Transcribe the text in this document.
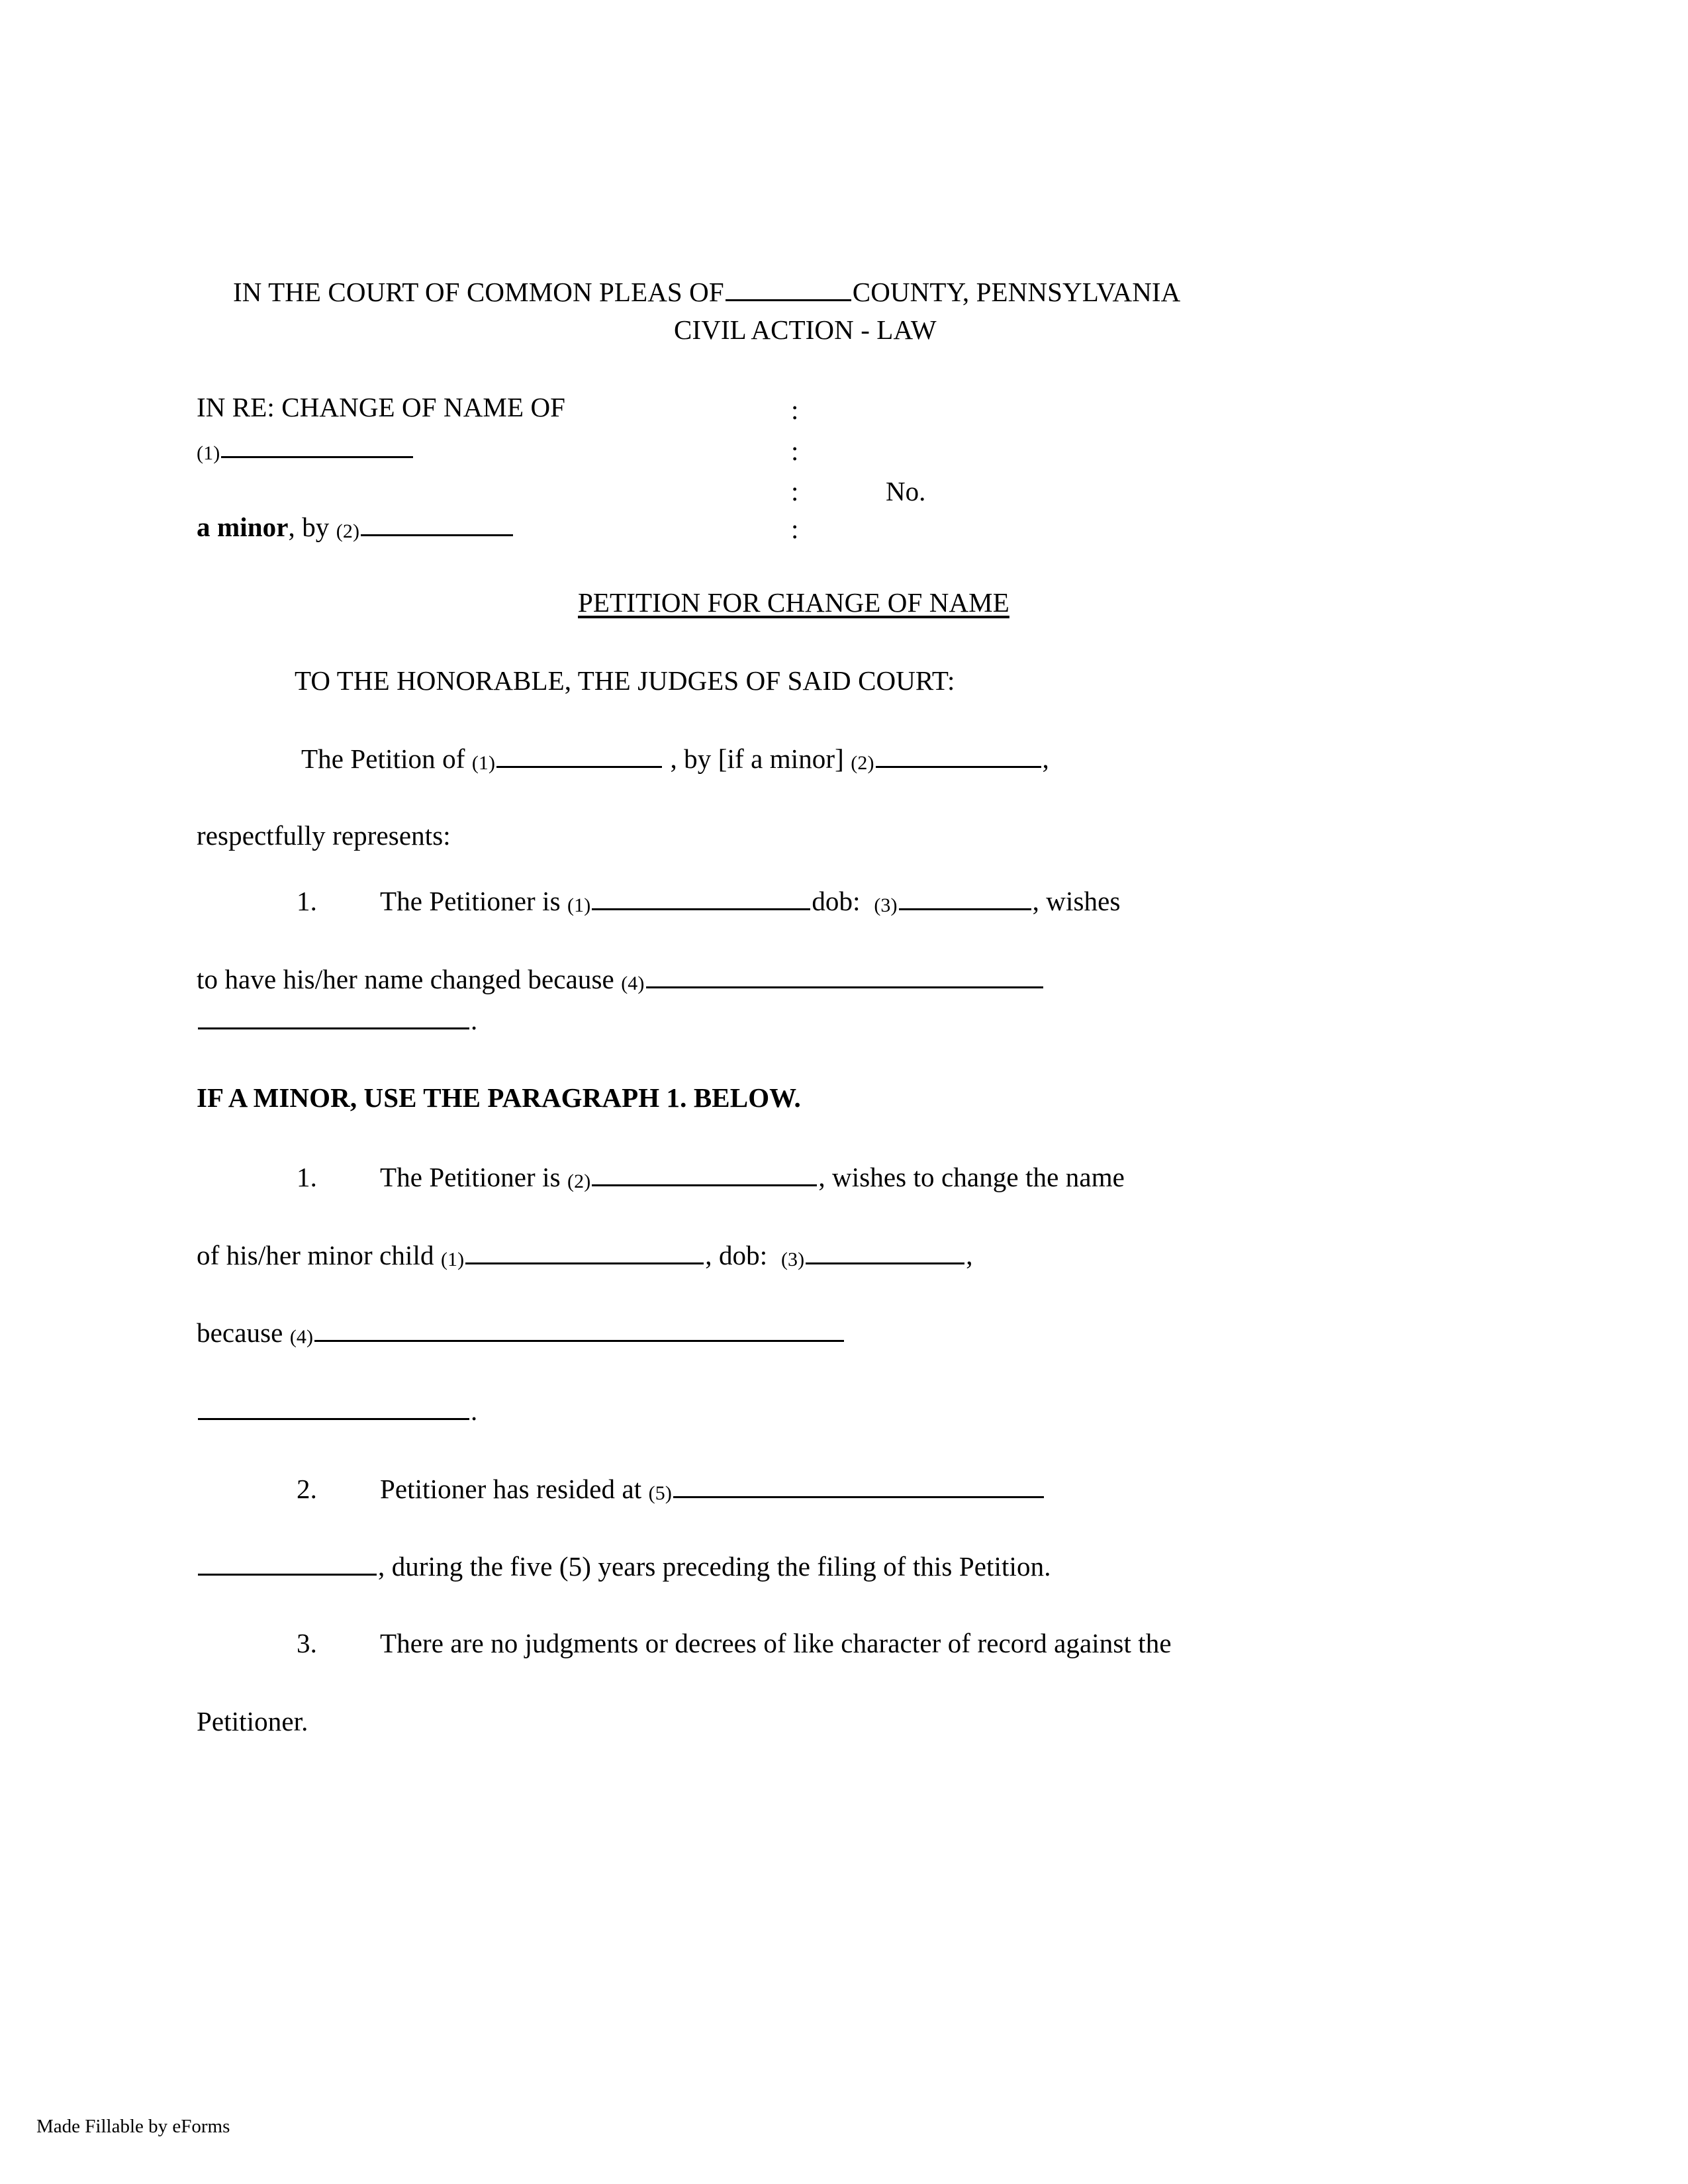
IN THE COURT OF COMMON PLEAS OF	COUNTY, PENNSYLVANIA
CIVIL ACTION - LAW
IN RE: CHANGE OF NAME OF
(1)
a minor, by (2)
:
:
:
:
No.
PETITION FOR CHANGE OF NAME
TO THE HONORABLE, THE JUDGES OF SAID COURT:
The Petition of (1)	, by [if a minor] (2)	,
respectfully represents:
1. The Petitioner is (1)	dob: (3)	, wishes
to have his/her name changed because (4)
.
IF A MINOR, USE THE PARAGRAPH 1. BELOW.
1. The Petitioner is (2)	, wishes to change the name
of his/her minor child (1)	, dob: (3)	,
because (4)
.
2. Petitioner has resided at (5)
, during the five (5) years preceding the filing of this Petition.
3. There are no judgments or decrees of like character of record against the
Petitioner.
Made Fillable by eForms
